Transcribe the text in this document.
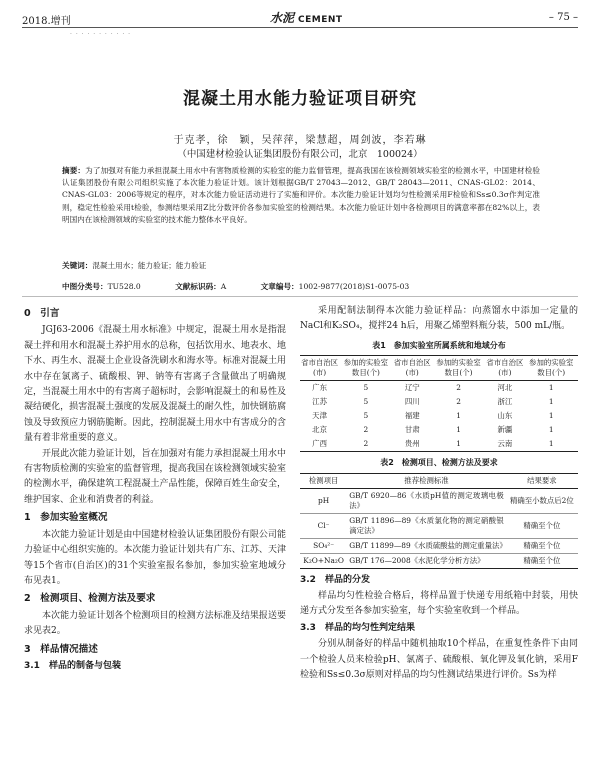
2018.增刊	水泥 CEMENT	– 75 –
· · · · · · · · · · ·
混凝土用水能力验证项目研究
于克孝，徐　颖，吴萍萍，梁慧超，周剑波，李若琳
（中国建材检验认证集团股份有限公司，北京　100024）
摘要：为了加强对有能力承担混凝土用水中有害物质检测的实验室的能力监督管理，提高我国在该检测领域实验室的检测水平，中国建材检验认证集团股份有限公司组织实施了本次能力验证计划。该计划根据GB/T 27043—2012、GB/T 28043—2011、CNAS-GL02：2014、CNAS-GL03：2006等规定的程序，对本次能力验证活动进行了实施和评价。本次能力验证计划均匀性检测采用F检验和Ss≤0.3σ作判定准则，稳定性检验采用t检验，参测结果采用Z比分数评价各参加实验室的检测结果。本次能力验证计划中各检测项目的满意率都在82%以上，表明国内在该检测领域的实验室的技术能力整体水平良好。
关键词：混凝土用水；能力验证；能力验证
中图分类号：TU528.0	文献标识码：A	文章编号：1002-9877(2018)S1-0075-03
0　引言

JGJ63-2006《混凝土用水标准》中规定，混凝土用水是指混凝土拌和用水和混凝土养护用水的总称，包括饮用水、地表水、地下水、再生水、混凝土企业设备洗刷水和海水等。标准对混凝土用水中存在氯离子、硫酸根、钾、钠等有害离子含量做出了明确规定，当混凝土用水中的有害离子超标时，会影响混凝土的和易性及凝结硬化，损害混凝土强度的发展及混凝土的耐久性，加快钢筋腐蚀及导致预应力钢筋脆断。因此，控制混凝土用水中有害成分的含量有着非常重要的意义。

开展此次能力验证计划，旨在加强对有能力承担混凝土用水中有害物质检测的实验室的监督管理，提高我国在该检测领域实验室的检测水平，确保建筑工程混凝土产品性能，保障百姓生命安全，维护国家、企业和消费者的利益。

1　参加实验室概况

本次能力验证计划是由中国建材检验认证集团股份有限公司能力验证中心组织实施的。本次能力验证计划共有广东、江苏、天津等15个省市(自治区)的31个实验室报名参加，参加实验室地域分布见表1。

2　检测项目、检测方法及要求

本次能力验证计划各个检测项目的检测方法标准及结果报送要求见表2。

3　样品情况描述
3.1　样品的制备与包装

采用配制法制得本次能力验证样品：向蒸馏水中添加一定量的NaCl和K₂SO₄，搅拌24 h后，用聚乙烯塑料瓶分装，500 mL/瓶。

表1　参加实验室所属系统和地域分布
省市自治区(市)	参加的实验室数目(个)	省市自治区(市)	参加的实验室数目(个)	省市自治区(市)	参加的实验室数目(个)
广东	5	辽宁	2	河北	1
江苏	5	四川	2	浙江	1
天津	5	福建	1	山东	1
北京	2	甘肃	1	新疆	1
广西	2	贵州	1	云南	1
表2　检测项目、检测方法及要求
检测项目	推荐检测标准	结果要求
pH	GB/T 6920—86《水质pH值的测定玻璃电极法》	精确至小数点后2位
Cl⁻	GB/T 11896—89《水质氯化物的测定硝酸银滴定法》	精确至个位
SO₄²⁻	GB/T 11899—89《水质硫酸盐的测定重量法》	精确至个位
K₂O+Na₂O	GB/T 176—2008《水泥化学分析方法》	精确至个位
3.2　样品的分发

样品均匀性检验合格后，将样品置于快递专用纸箱中封装，用快递方式分发至各参加实验室，每个实验室收到一个样品。

3.3　样品的均匀性判定结果

分别从制备好的样品中随机抽取10个样品，在重复性条件下由同一个检验人员来检验pH、氯离子、硫酸根、氧化钾及氧化钠，采用F检验和Ss≤0.3σ原则对样品的均匀性测试结果进行评价。Ss为样
